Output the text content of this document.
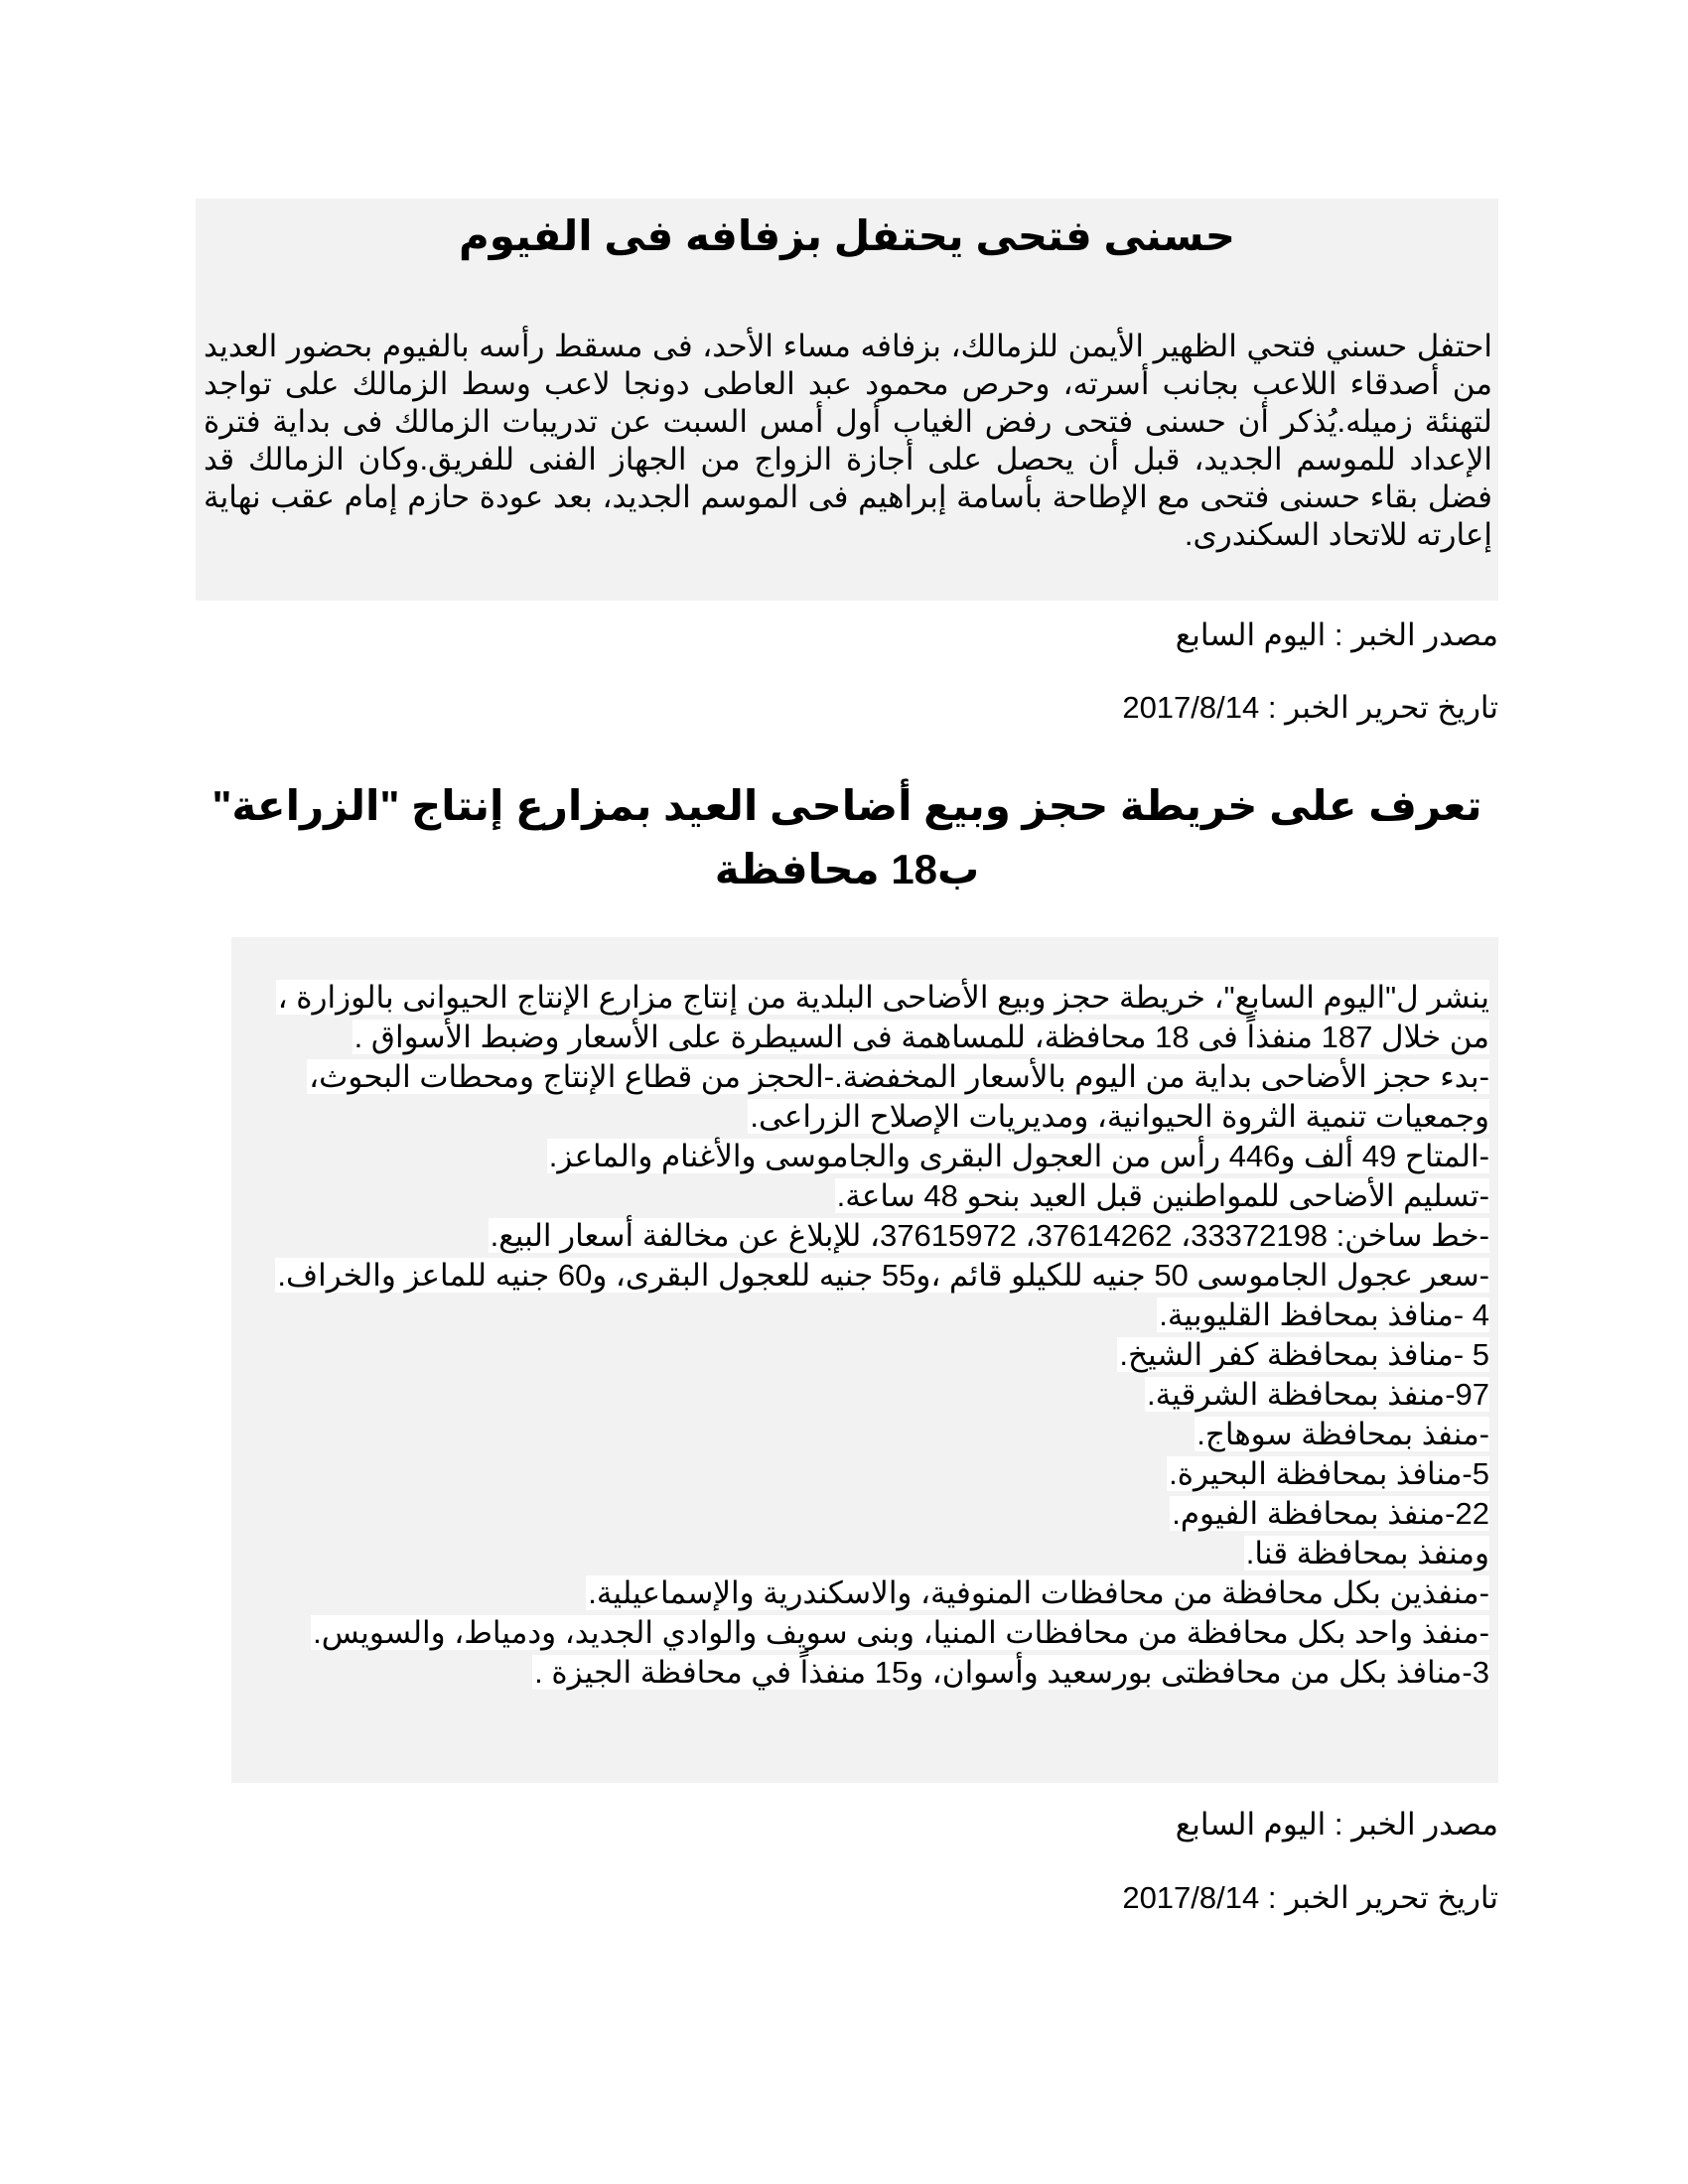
حسنى فتحى يحتفل بزفافه فى الفيوم

احتفل حسني فتحي الظهير الأيمن للزمالك، بزفافه مساء الأحد، فى مسقط رأسه بالفيوم بحضور العديد من أصدقاء اللاعب بجانب أسرته، وحرص محمود عبد العاطى دونجا لاعب وسط الزمالك على تواجد لتهنئة زميله.يُذكر أن حسنى فتحى رفض الغياب أول أمس السبت عن تدريبات الزمالك فى بداية فترة الإعداد للموسم الجديد، قبل أن يحصل على أجازة الزواج من الجهاز الفنى للفريق.وكان الزمالك قد فضل بقاء حسنى فتحى مع الإطاحة بأسامة إبراهيم فى الموسم الجديد، بعد عودة حازم إمام عقب نهاية إعارته للاتحاد السكندرى.

مصدر الخبر : اليوم السابع
تاريخ تحرير الخبر : 2017/8/14
تعرف على خريطة حجز وبيع أضاحى العيد بمزارع إنتاج "الزراعة" ب18 محافظة
ينشر ل"اليوم السابع"، خريطة حجز وبيع الأضاحى البلدية من إنتاج مزارع الإنتاج الحيوانى بالوزارة ،
من خلال 187 منفذاً فى 18 محافظة، للمساهمة فى السيطرة على الأسعار وضبط الأسواق .
-بدء حجز الأضاحى بداية من اليوم بالأسعار المخفضة.-الحجز من قطاع الإنتاج ومحطات البحوث،
وجمعيات تنمية الثروة الحيوانية، ومديريات الإصلاح الزراعى.
-المتاح 49 ألف و446 رأس من العجول البقرى والجاموسى والأغنام والماعز.
-تسليم الأضاحى للمواطنين قبل العيد بنحو 48 ساعة.
-خط ساخن: 33372198، 37614262، 37615972، للإبلاغ عن مخالفة أسعار البيع.
-سعر عجول الجاموسى 50 جنيه للكيلو قائم ،و55 جنيه للعجول البقرى، و60 جنيه للماعز والخراف.
4 -منافذ بمحافظ القليوبية.
5 -منافذ بمحافظة كفر الشيخ.
97-منفذ بمحافظة الشرقية.
-منفذ بمحافظة سوهاج.
5-منافذ بمحافظة البحيرة.
22-منفذ بمحافظة الفيوم.
ومنفذ بمحافظة قنا.
-منفذين بكل محافظة من محافظات المنوفية، والاسكندرية والإسماعيلية.
-منفذ واحد بكل محافظة من محافظات المنيا، وبنى سويف والوادي الجديد، ودمياط، والسويس.
3-منافذ بكل من محافظتى بورسعيد وأسوان، و15 منفذاً في محافظة الجيزة .
مصدر الخبر : اليوم السابع
تاريخ تحرير الخبر : 2017/8/14
